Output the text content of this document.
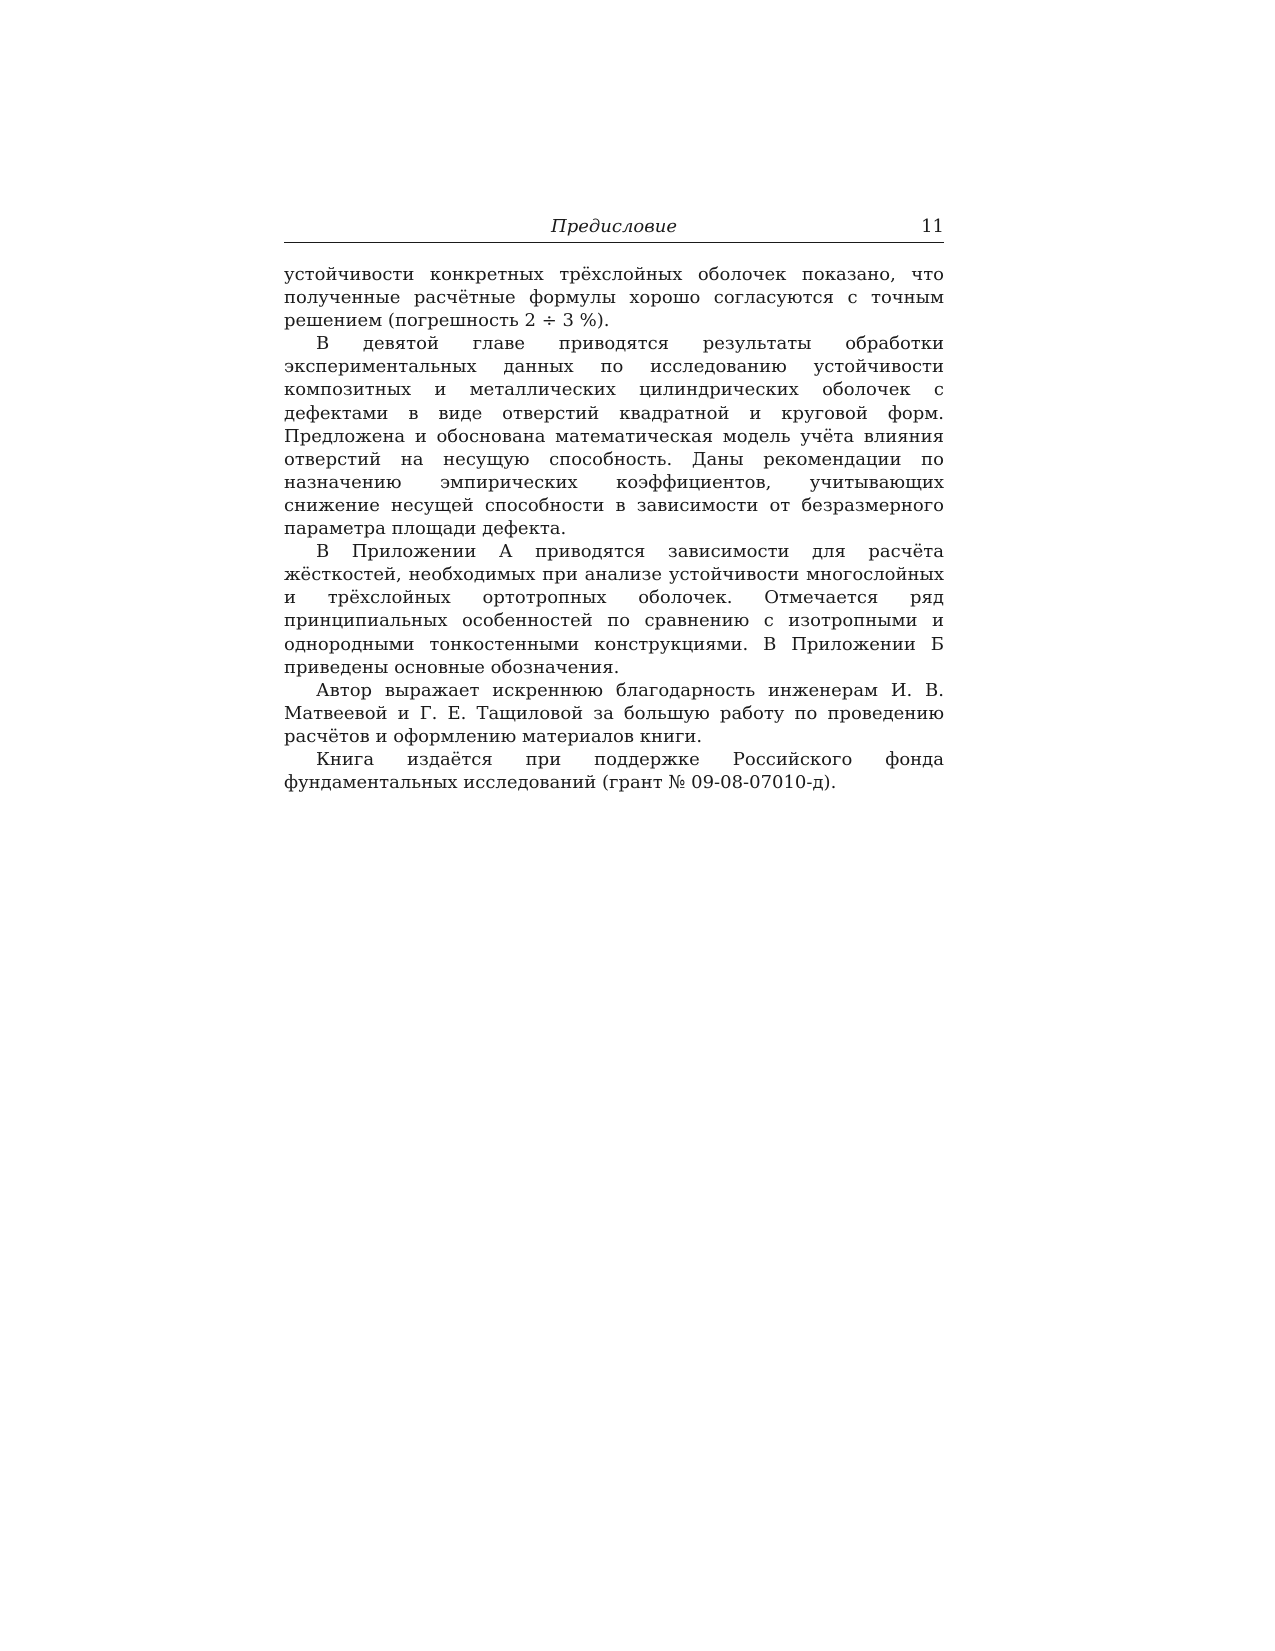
Предисловие	11

устойчивости конкретных трёхслойных оболочек показано, что полученные расчётные формулы хорошо согласуются с точным решением (погрешность 2 ÷ 3 %).

В девятой главе приводятся результаты обработки экспериментальных данных по исследованию устойчивости композитных и металлических цилиндрических оболочек с дефектами в виде отверстий квадратной и круговой форм. Предложена и обоснована математическая модель учёта влияния отверстий на несущую способность. Даны рекомендации по назначению эмпирических коэффициентов, учитывающих снижение несущей способности в зависимости от безразмерного параметра площади дефекта.

В Приложении А приводятся зависимости для расчёта жёсткостей, необходимых при анализе устойчивости многослойных и трёхслойных ортотропных оболочек. Отмечается ряд принципиальных особенностей по сравнению с изотропными и однородными тонкостенными конструкциями. В Приложении Б приведены основные обозначения.

Автор выражает искреннюю благодарность инженерам И. В. Матвеевой и Г. Е. Тащиловой за большую работу по проведению расчётов и оформлению материалов книги.

Книга издаётся при поддержке Российского фонда фундаментальных исследований (грант № 09-08-07010-д).
